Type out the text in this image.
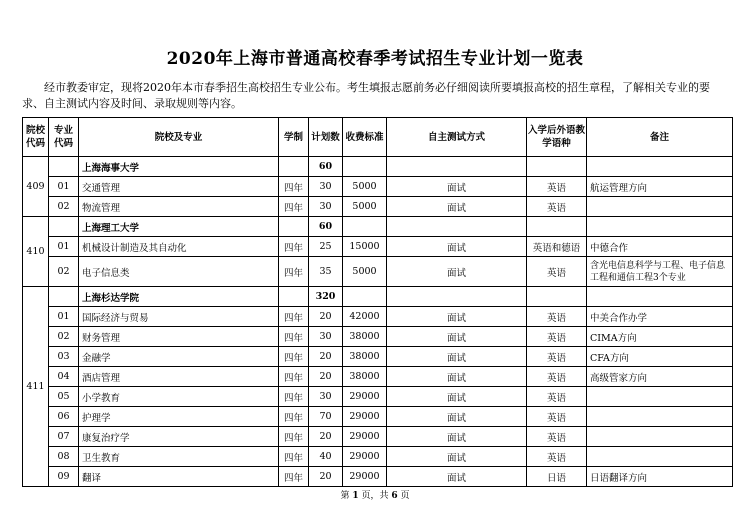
2020年上海市普通高校春季考试招生专业计划一览表
经市教委审定，现将2020年本市春季招生高校招生专业公布。考生填报志愿前务必仔细阅读所要填报高校的招生章程，了解相关专业的要求、自主测试内容及时间、录取规则等内容。
院校代码	专业代码	院校及专业	学制	计划数	收费标准	自主测试方式	入学后外语教学语种	备注
409		上海海事大学		60				
	01	交通管理	四年	30	5000	面试	英语	航运管理方向
	02	物流管理	四年	30	5000	面试	英语	
410		上海理工大学		60				
	01	机械设计制造及其自动化	四年	25	15000	面试	英语和德语	中德合作
	02	电子信息类	四年	35	5000	面试	英语	含光电信息科学与工程、电子信息工程和通信工程3个专业
411		上海杉达学院		320				
	01	国际经济与贸易	四年	20	42000	面试	英语	中美合作办学
	02	财务管理	四年	30	38000	面试	英语	CIMA方向
	03	金融学	四年	20	38000	面试	英语	CFA方向
	04	酒店管理	四年	20	38000	面试	英语	高级管家方向
	05	小学教育	四年	30	29000	面试	英语	
	06	护理学	四年	70	29000	面试	英语	
	07	康复治疗学	四年	20	29000	面试	英语	
	08	卫生教育	四年	40	29000	面试	英语	
	09	翻译	四年	20	29000	面试	日语	日语翻译方向
第 1 页，共 6 页
